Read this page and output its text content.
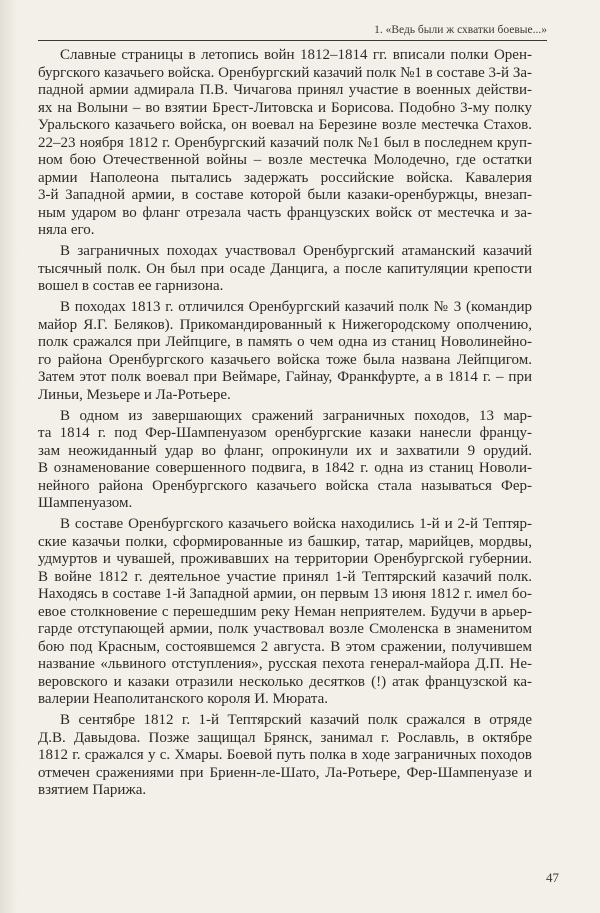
1. «Ведь были ж схватки боевые...»
Славные страницы в летопись войн 1812–1814 гг. вписали полки Орен-
бургского казачьего войска. Оренбургский казачий полк №1 в составе 3-й За-
падной армии адмирала П.В. Чичагова принял участие в военных действи-
ях на Волыни – во взятии Брест-Литовска и Борисова. Подобно 3-му полку
Уральского казачьего войска, он воевал на Березине возле местечка Стахов.
22–23 ноября 1812 г. Оренбургский казачий полк №1 был в последнем круп-
ном бою Отечественной войны – возле местечка Молодечно, где остатки
армии Наполеона пытались задержать российские войска. Кавалерия
3-й Западной армии, в составе которой были казаки-оренбуржцы, внезап-
ным ударом во фланг отрезала часть французских войск от местечка и за-
няла его.
В заграничных походах участвовал Оренбургский атаманский казачий
тысячный полк. Он был при осаде Данцига, а после капитуляции крепости
вошел в состав ее гарнизона.
В походах 1813 г. отличился Оренбургский казачий полк № 3 (командир
майор Я.Г. Беляков). Прикомандированный к Нижегородскому ополчению,
полк сражался при Лейпциге, в память о чем одна из станиц Новолинейно-
го района Оренбургского казачьего войска тоже была названа Лейпцигом.
Затем этот полк воевал при Веймаре, Гайнау, Франкфурте, а в 1814 г. – при
Линьи, Мезьере и Ла-Ротьере.
В одном из завершающих сражений заграничных походов, 13 мар-
та 1814 г. под Фер-Шампенуазом оренбургские казаки нанесли францу-
зам неожиданный удар во фланг, опрокинули их и захватили 9 орудий.
В ознаменование совершенного подвига, в 1842 г. одна из станиц Новоли-
нейного района Оренбургского казачьего войска стала называться Фер-
Шампенуазом.
В составе Оренбургского казачьего войска находились 1-й и 2-й Тептяр-
ские казачьи полки, сформированные из башкир, татар, марийцев, мордвы,
удмуртов и чувашей, проживавших на территории Оренбургской губернии.
В войне 1812 г. деятельное участие принял 1-й Тептярский казачий полк.
Находясь в составе 1-й Западной армии, он первым 13 июня 1812 г. имел бо-
евое столкновение с перешедшим реку Неман неприятелем. Будучи в арьер-
гарде отступающей армии, полк участвовал возле Смоленска в знаменитом
бою под Красным, состоявшемся 2 августа. В этом сражении, получившем
название «львиного отступления», русская пехота генерал-майора Д.П. Не-
веровского и казаки отразили несколько десятков (!) атак французской ка-
валерии Неаполитанского короля И. Мюрата.
В сентябре 1812 г. 1-й Тептярский казачий полк сражался в отряде
Д.В. Давыдова. Позже защищал Брянск, занимал г. Рославль, в октябре
1812 г. сражался у с. Хмары. Боевой путь полка в ходе заграничных походов
отмечен сражениями при Бриенн-ле-Шато, Ла-Ротьере, Фер-Шампенуазе и
взятием Парижа.
47
